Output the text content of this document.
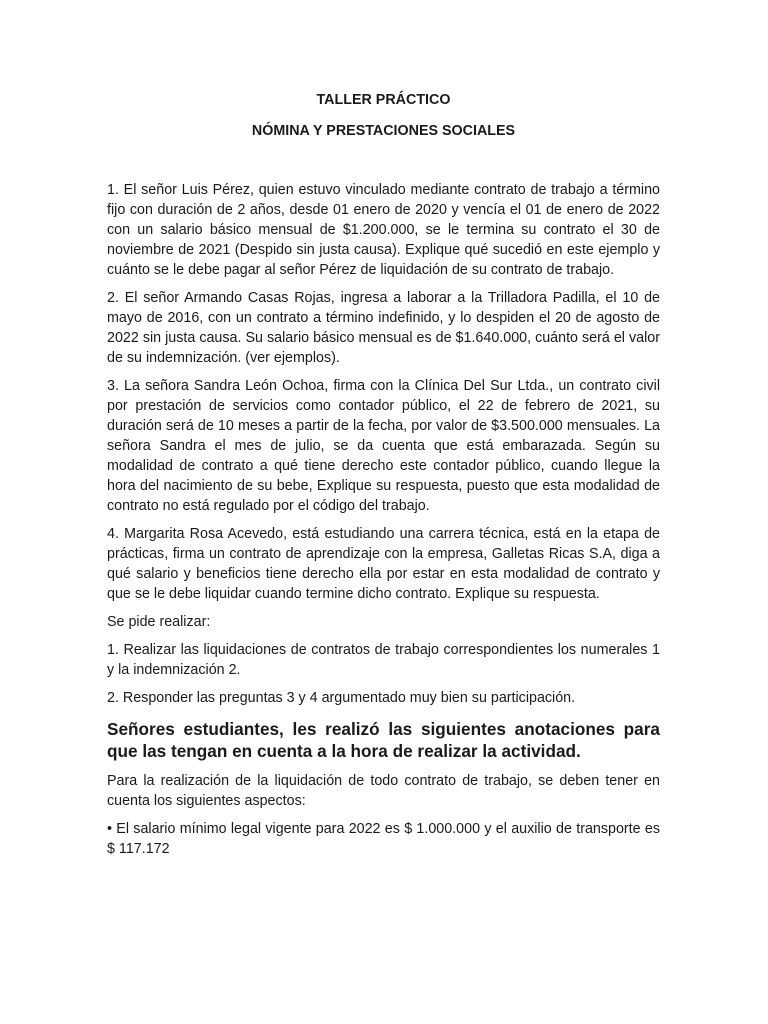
TALLER PRÁCTICO
NÓMINA Y PRESTACIONES SOCIALES

1. El señor Luis Pérez, quien estuvo vinculado mediante contrato de trabajo a término fijo con duración de 2 años, desde 01 enero de 2020 y vencía el 01 de enero de 2022 con un salario básico mensual de $1.200.000, se le termina su contrato el 30 de noviembre de 2021 (Despido sin justa causa). Explique qué sucedió en este ejemplo y cuánto se le debe pagar al señor Pérez de liquidación de su contrato de trabajo.

2. El señor Armando Casas Rojas, ingresa a laborar a la Trilladora Padilla, el 10 de mayo de 2016, con un contrato a término indefinido, y lo despiden el 20 de agosto de 2022 sin justa causa. Su salario básico mensual es de $1.640.000, cuánto será el valor de su indemnización. (ver ejemplos).

3. La señora Sandra León Ochoa, firma con la Clínica Del Sur Ltda., un contrato civil por prestación de servicios como contador público, el 22 de febrero de 2021, su duración será de 10 meses a partir de la fecha, por valor de $3.500.000 mensuales. La señora Sandra el mes de julio, se da cuenta que está embarazada. Según su modalidad de contrato a qué tiene derecho este contador público, cuando llegue la hora del nacimiento de su bebe, Explique su respuesta, puesto que esta modalidad de contrato no está regulado por el código del trabajo.

4. Margarita Rosa Acevedo, está estudiando una carrera técnica, está en la etapa de prácticas, firma un contrato de aprendizaje con la empresa, Galletas Ricas S.A, diga a qué salario y beneficios tiene derecho ella por estar en esta modalidad de contrato y que se le debe liquidar cuando termine dicho contrato. Explique su respuesta.

Se pide realizar:

1. Realizar las liquidaciones de contratos de trabajo correspondientes los numerales 1 y la indemnización 2.

2. Responder las preguntas 3 y 4 argumentado muy bien su participación.

Señores estudiantes, les realizó las siguientes anotaciones para que las tengan en cuenta a la hora de realizar la actividad.

Para la realización de la liquidación de todo contrato de trabajo, se deben tener en cuenta los siguientes aspectos:

• El salario mínimo legal vigente para 2022 es $ 1.000.000 y el auxilio de transporte es $ 117.172
